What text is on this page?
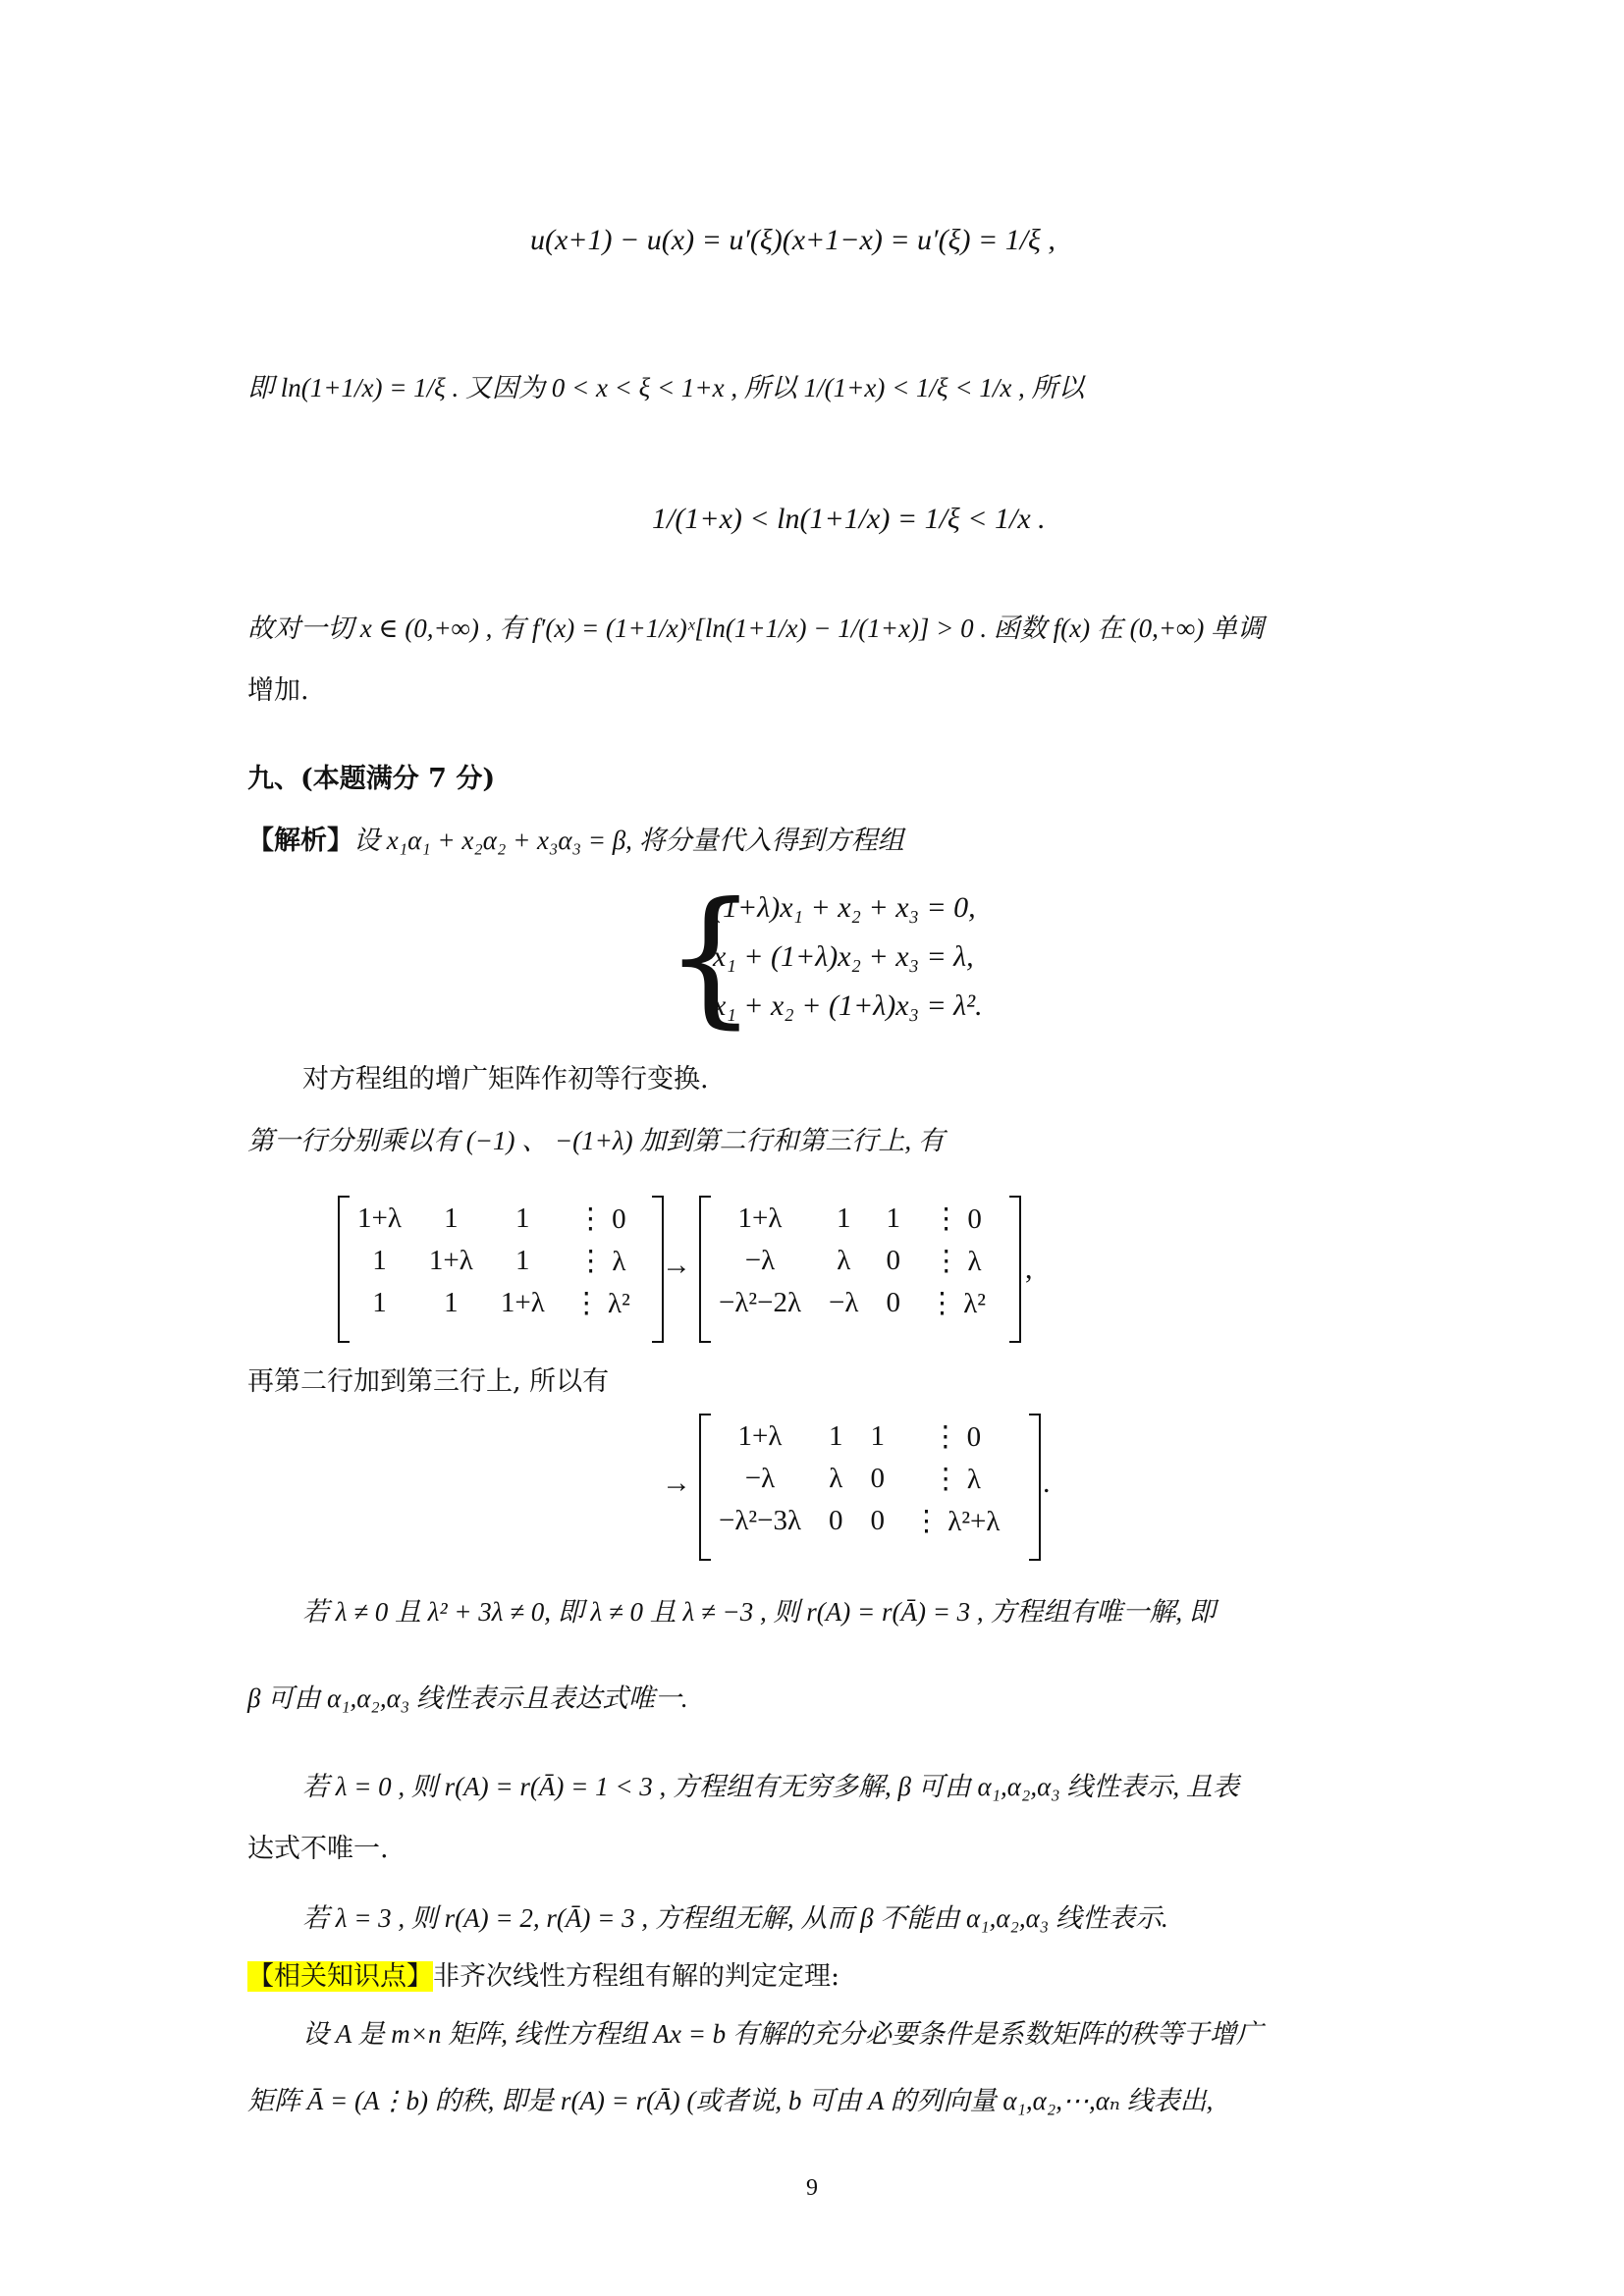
u(x+1) − u(x) = u′(ξ)(x+1−x) = u′(ξ) = 1/ξ ,
即 ln(1+1/x) = 1/ξ . 又因为 0 < x < ξ < 1+x , 所以 1/(1+x) < 1/ξ < 1/x , 所以
1/(1+x) < ln(1+1/x) = 1/ξ < 1/x .
故对一切 x ∈ (0,+∞) , 有 f′(x) = (1+1/x)ˣ[ln(1+1/x) − 1/(1+x)] > 0 . 函数 f(x) 在 (0,+∞) 单调
增加.
九、(本题满分 7 分)
【解析】设 x₁α₁ + x₂α₂ + x₃α₃ = β, 将分量代入得到方程组
{
(1+λ)x₁ + x₂ + x₃ = 0,
x₁ + (1+λ)x₂ + x₃ = λ,
x₁ + x₂ + (1+λ)x₃ = λ².
对方程组的增广矩阵作初等行变换.
第一行分别乘以有 (−1) 、 −(1+λ) 加到第二行和第三行上, 有
1+λ	1	1	⋮ 0
1	1+λ	1	⋮ λ
1	1	1+λ	⋮ λ²
→
1+λ	1	1	⋮ 0
−λ	λ	0	⋮ λ
−λ²−2λ	−λ	0	⋮ λ²
,
再第二行加到第三行上, 所以有
→
1+λ	1	1	⋮ 0
−λ	λ	0	⋮ λ
−λ²−3λ	0	0	⋮ λ²+λ
.
若 λ ≠ 0 且 λ² + 3λ ≠ 0, 即 λ ≠ 0 且 λ ≠ −3 , 则 r(A) = r(Ā) = 3 , 方程组有唯一解, 即
β 可由 α₁,α₂,α₃ 线性表示且表达式唯一.
若 λ = 0 , 则 r(A) = r(Ā) = 1 < 3 , 方程组有无穷多解, β 可由 α₁,α₂,α₃ 线性表示, 且表
达式不唯一.
若 λ = 3 , 则 r(A) = 2, r(Ā) = 3 , 方程组无解, 从而 β 不能由 α₁,α₂,α₃ 线性表示.
【相关知识点】非齐次线性方程组有解的判定定理:
设 A 是 m×n 矩阵, 线性方程组 Ax = b 有解的充分必要条件是系数矩阵的秩等于增广
矩阵 Ā = (A⋮b) 的秩, 即是 r(A) = r(Ā) (或者说, b 可由 A 的列向量 α₁,α₂,⋯,αₙ 线表出,
9
